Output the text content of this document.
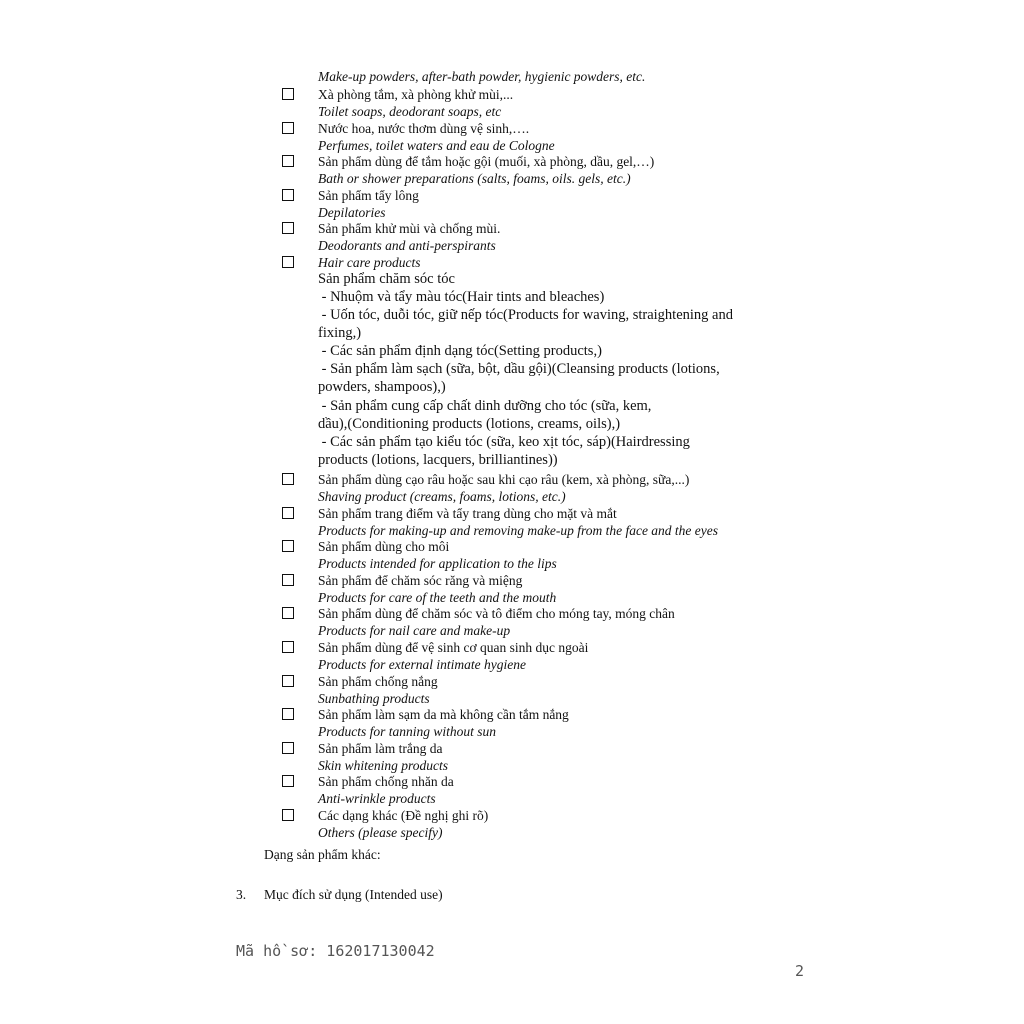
Make-up powders, after-bath powder, hygienic powders, etc.
Xà phòng tắm, xà phòng khử mùi,...
Toilet soaps, deodorant soaps, etc
Nước hoa, nước thơm dùng vệ sinh,….
Perfumes, toilet waters and eau de Cologne
Sản phẩm dùng để tắm hoặc gội (muối, xà phòng, dầu, gel,…)
Bath or shower preparations (salts, foams, oils. gels, etc.)
Sản phẩm tẩy lông
Depilatories
Sản phẩm khử mùi và chống mùi.
Deodorants and anti-perspirants
Hair care products
Sản phẩm chăm sóc tóc
- Nhuộm và tẩy màu tóc(Hair tints and bleaches)
- Uốn tóc, duỗi tóc, giữ nếp tóc(Products for waving, straightening and
fixing,)
- Các sản phẩm định dạng tóc(Setting products,)
- Sản phẩm làm sạch (sữa, bột, dầu gội)(Cleansing products (lotions,
powders, shampoos),)
- Sản phẩm cung cấp chất dinh dưỡng cho tóc (sữa, kem,
dầu),(Conditioning products (lotions, creams, oils),)
- Các sản phẩm tạo kiểu tóc (sữa, keo xịt tóc, sáp)(Hairdressing
products (lotions, lacquers, brilliantines))
Sản phẩm dùng cạo râu hoặc sau khi cạo râu (kem, xà phòng, sữa,...)
Shaving product (creams, foams, lotions, etc.)
Sản phẩm trang điểm và tẩy trang dùng cho mặt và mắt
Products for making-up and removing make-up from the face and the eyes
Sản phẩm dùng cho môi
Products intended for application to the lips
Sản phẩm để chăm sóc răng và miệng
Products for care of the teeth and the mouth
Sản phẩm dùng để chăm sóc và tô điểm cho móng tay, móng chân
Products for nail care and make-up
Sản phẩm dùng để vệ sinh cơ quan sinh dục ngoài
Products for external intimate hygiene
Sản phẩm chống nắng
Sunbathing products
Sản phẩm làm sạm da mà không cần tắm nắng
Products for tanning without sun
Sản phẩm làm trắng da
Skin whitening products
Sản phẩm chống nhăn da
Anti-wrinkle products
Các dạng khác (Đề nghị ghi rõ)
Others (please specify)
Dạng sản phẩm khác:
3. Mục đích sử dụng (Intended use)
Mã hồ sơ: 162017130042
2
